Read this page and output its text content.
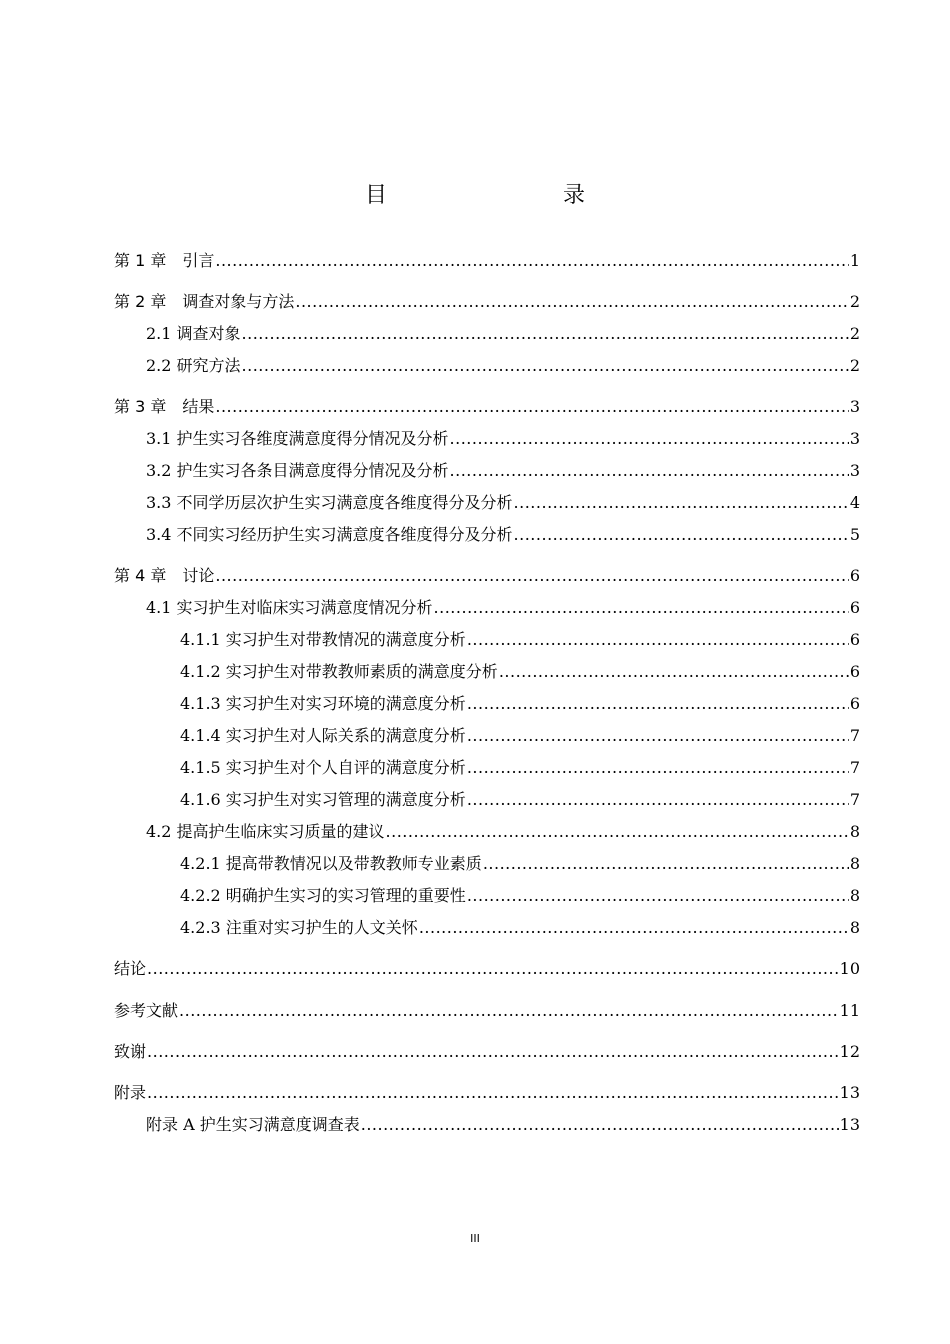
目　　录
第 1 章　引言 .....	1
第 2 章　调查对象与方法 .....	2
2.1 调查对象 .....	2
2.2 研究方法 .....	2
第 3 章　结果 .....	3
3.1 护生实习各维度满意度得分情况及分析 .....	3
3.2 护生实习各条目满意度得分情况及分析 .....	3
3.3 不同学历层次护生实习满意度各维度得分及分析 .....	4
3.4 不同实习经历护生实习满意度各维度得分及分析 .....	5
第 4 章　讨论 .....	6
4.1 实习护生对临床实习满意度情况分析 .....	6
4.1.1 实习护生对带教情况的满意度分析 .....	6
4.1.2 实习护生对带教教师素质的满意度分析 .....	6
4.1.3 实习护生对实习环境的满意度分析 .....	6
4.1.4 实习护生对人际关系的满意度分析 .....	7
4.1.5 实习护生对个人自评的满意度分析 .....	7
4.1.6 实习护生对实习管理的满意度分析 .....	7
4.2 提高护生临床实习质量的建议 .....	8
4.2.1 提高带教情况以及带教教师专业素质 .....	8
4.2.2 明确护生实习的实习管理的重要性 .....	8
4.2.3 注重对实习护生的人文关怀 .....	8
结论 .....	10
参考文献 .....	11
致谢 .....	12
附录 .....	13
附录 A 护生实习满意度调查表 .....	13
III
